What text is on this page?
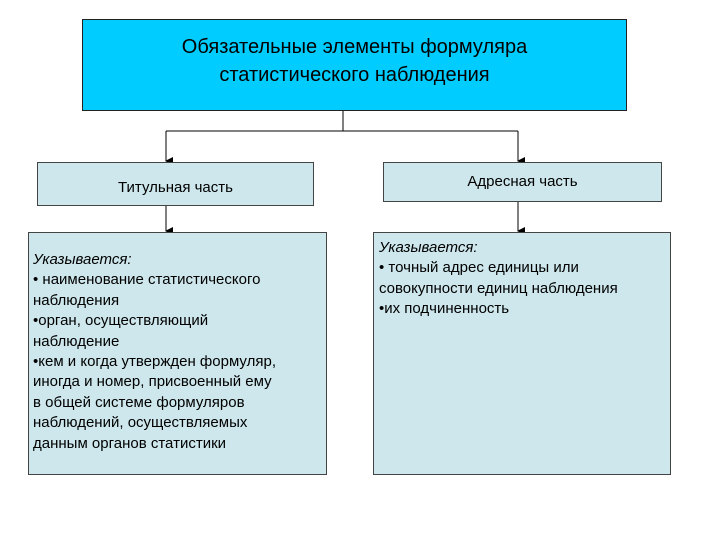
Обязательные элементы формуляра
статистического наблюдения
Титульная часть	Адресная часть
Указывается:
• наименование статистического
наблюдения
•орган, осуществляющий
наблюдение
•кем и когда утвержден формуляр,
иногда и номер, присвоенный ему
в общей системе формуляров
наблюдений, осуществляемых
данным органов статистики
Указывается:
• точный адрес единицы или
совокупности единиц наблюдения
•их подчиненность
